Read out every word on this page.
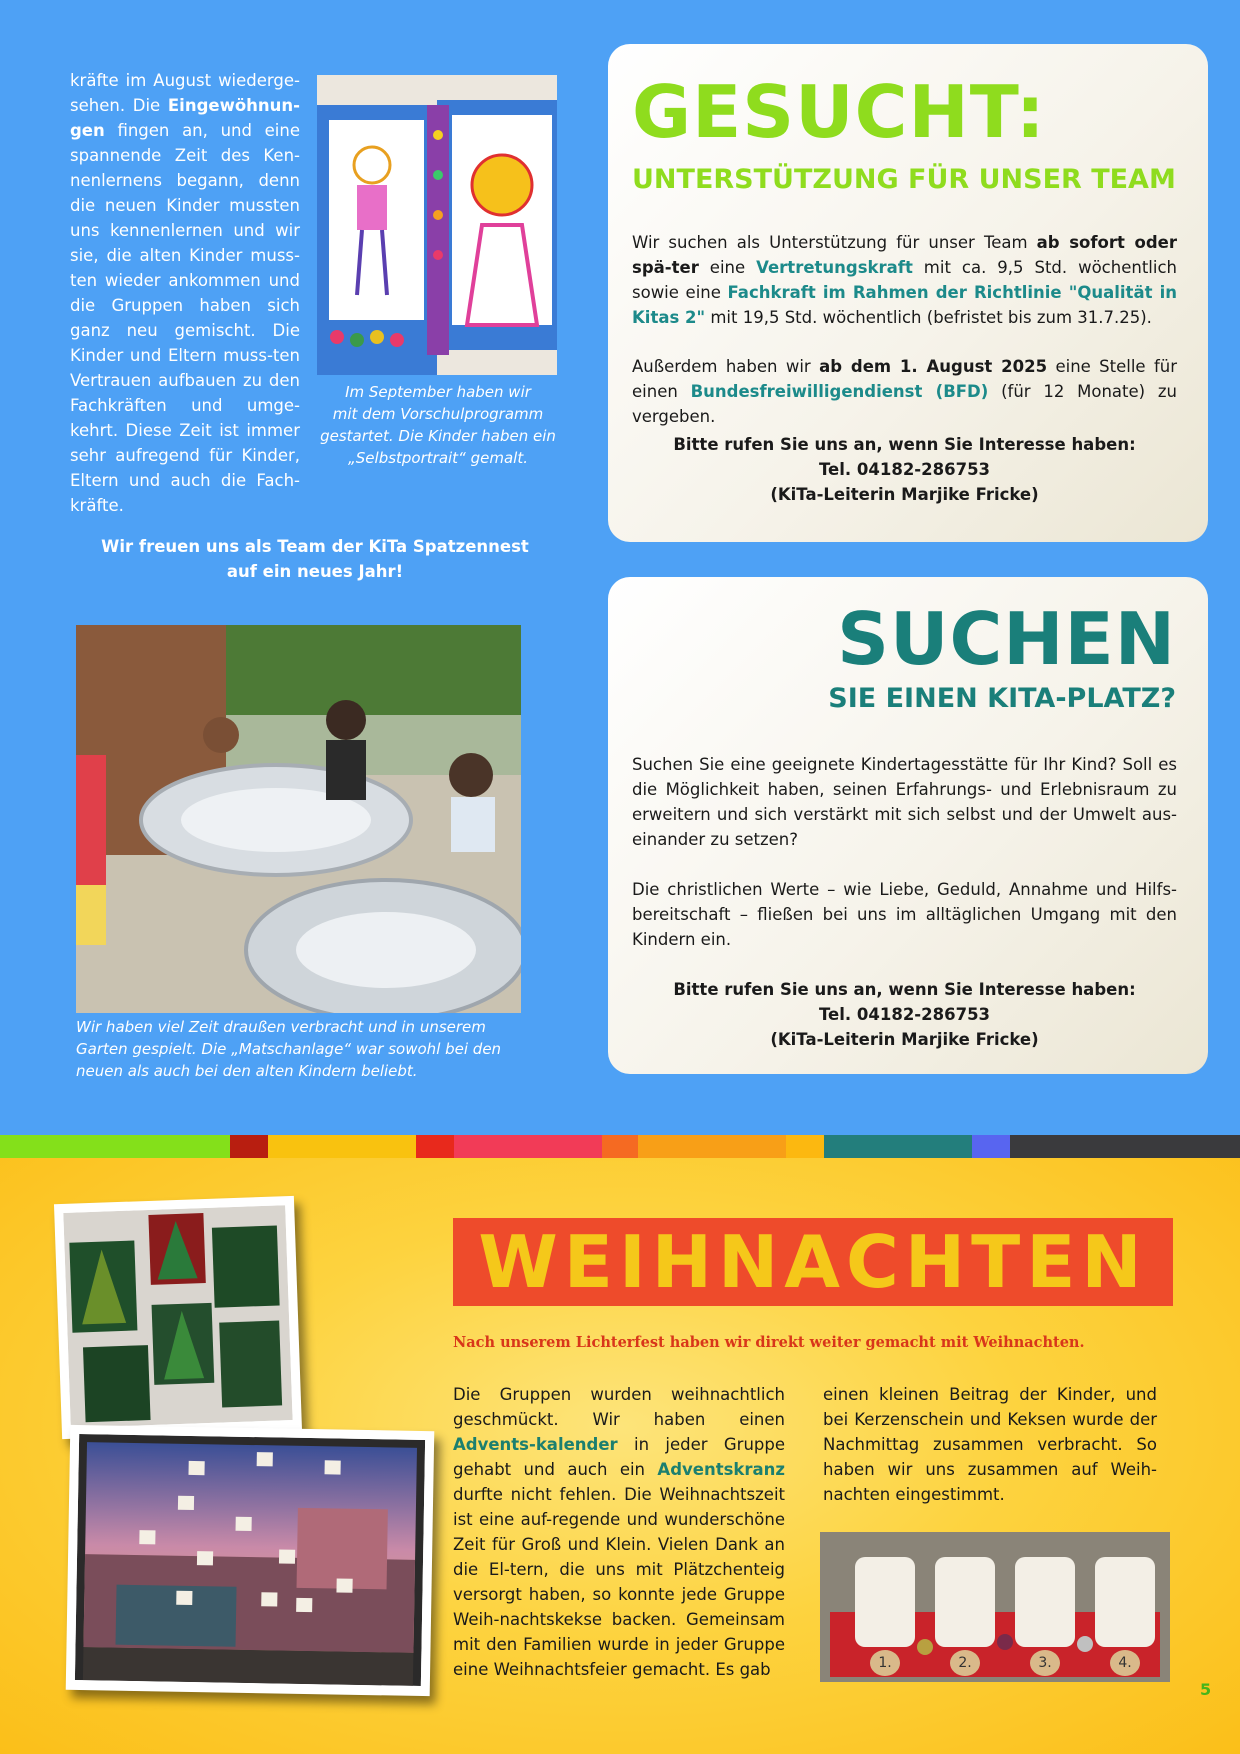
kräfte im August wiederge-sehen. Die Eingewöhnun-gen fingen an, und eine spannende Zeit des Ken-nenlernens begann, denn die neuen Kinder mussten uns kennenlernen und wir sie, die alten Kinder muss-ten wieder ankommen und die Gruppen haben sich ganz neu gemischt. Die Kinder und Eltern muss-ten Vertrauen aufbauen zu den Fachkräften und umge-kehrt. Diese Zeit ist immer sehr aufregend für Kinder, Eltern und auch die Fach-kräfte.
Im September haben wir
mit dem Vorschulprogramm
gestartet. Die Kinder haben ein
„Selbstportrait“ gemalt.
Wir freuen uns als Team der KiTa Spatzennest
auf ein neues Jahr!
Wir haben viel Zeit draußen verbracht und in unserem
Garten gespielt. Die „Matschanlage“ war sowohl bei den
neuen als auch bei den alten Kindern beliebt.
GESUCHT:
UNTERSTÜTZUNG FÜR UNSER TEAM
Wir suchen als Unterstützung für unser Team ab sofort oder spä-ter eine Vertretungskraft mit ca. 9,5 Std. wöchentlich sowie eine Fachkraft im Rahmen der Richtlinie "Qualität in Kitas 2" mit 19,5 Std. wöchentlich (befristet bis zum 31.7.25).
Außerdem haben wir ab dem 1. August 2025 eine Stelle für einen Bundesfreiwilligendienst (BFD) (für 12 Monate) zu vergeben.
Bitte rufen Sie uns an, wenn Sie Interesse haben:
Tel. 04182-286753
(KiTa-Leiterin Marjike Fricke)
SUCHEN
SIE EINEN KITA-PLATZ?
Suchen Sie eine geeignete Kindertagesstätte für Ihr Kind? Soll es die Möglichkeit haben, seinen Erfahrungs- und Erlebnisraum zu erweitern und sich verstärkt mit sich selbst und der Umwelt aus-einander zu setzen?
Die christlichen Werte – wie Liebe, Geduld, Annahme und Hilfs-bereitschaft – fließen bei uns im alltäglichen Umgang mit den Kindern ein.
Bitte rufen Sie uns an, wenn Sie Interesse haben:
Tel. 04182-286753
(KiTa-Leiterin Marjike Fricke)
WEIHNACHTEN
Nach unserem Lichterfest haben wir direkt weiter gemacht mit Weihnachten.
Die Gruppen wurden weihnachtlich geschmückt. Wir haben einen Advents-kalender in jeder Gruppe gehabt und auch ein Adventskranz durfte nicht fehlen. Die Weihnachtszeit ist eine auf-regende und wunderschöne Zeit für Groß und Klein. Vielen Dank an die El-tern, die uns mit Plätzchenteig versorgt haben, so konnte jede Gruppe Weih-nachtskekse backen. Gemeinsam mit den Familien wurde in jeder Gruppe eine Weihnachtsfeier gemacht. Es gab
einen kleinen Beitrag der Kinder, und bei Kerzenschein und Keksen wurde der Nachmittag zusammen verbracht. So haben wir uns zusammen auf Weih-nachten eingestimmt.
1.	2.	3.	4.
5
